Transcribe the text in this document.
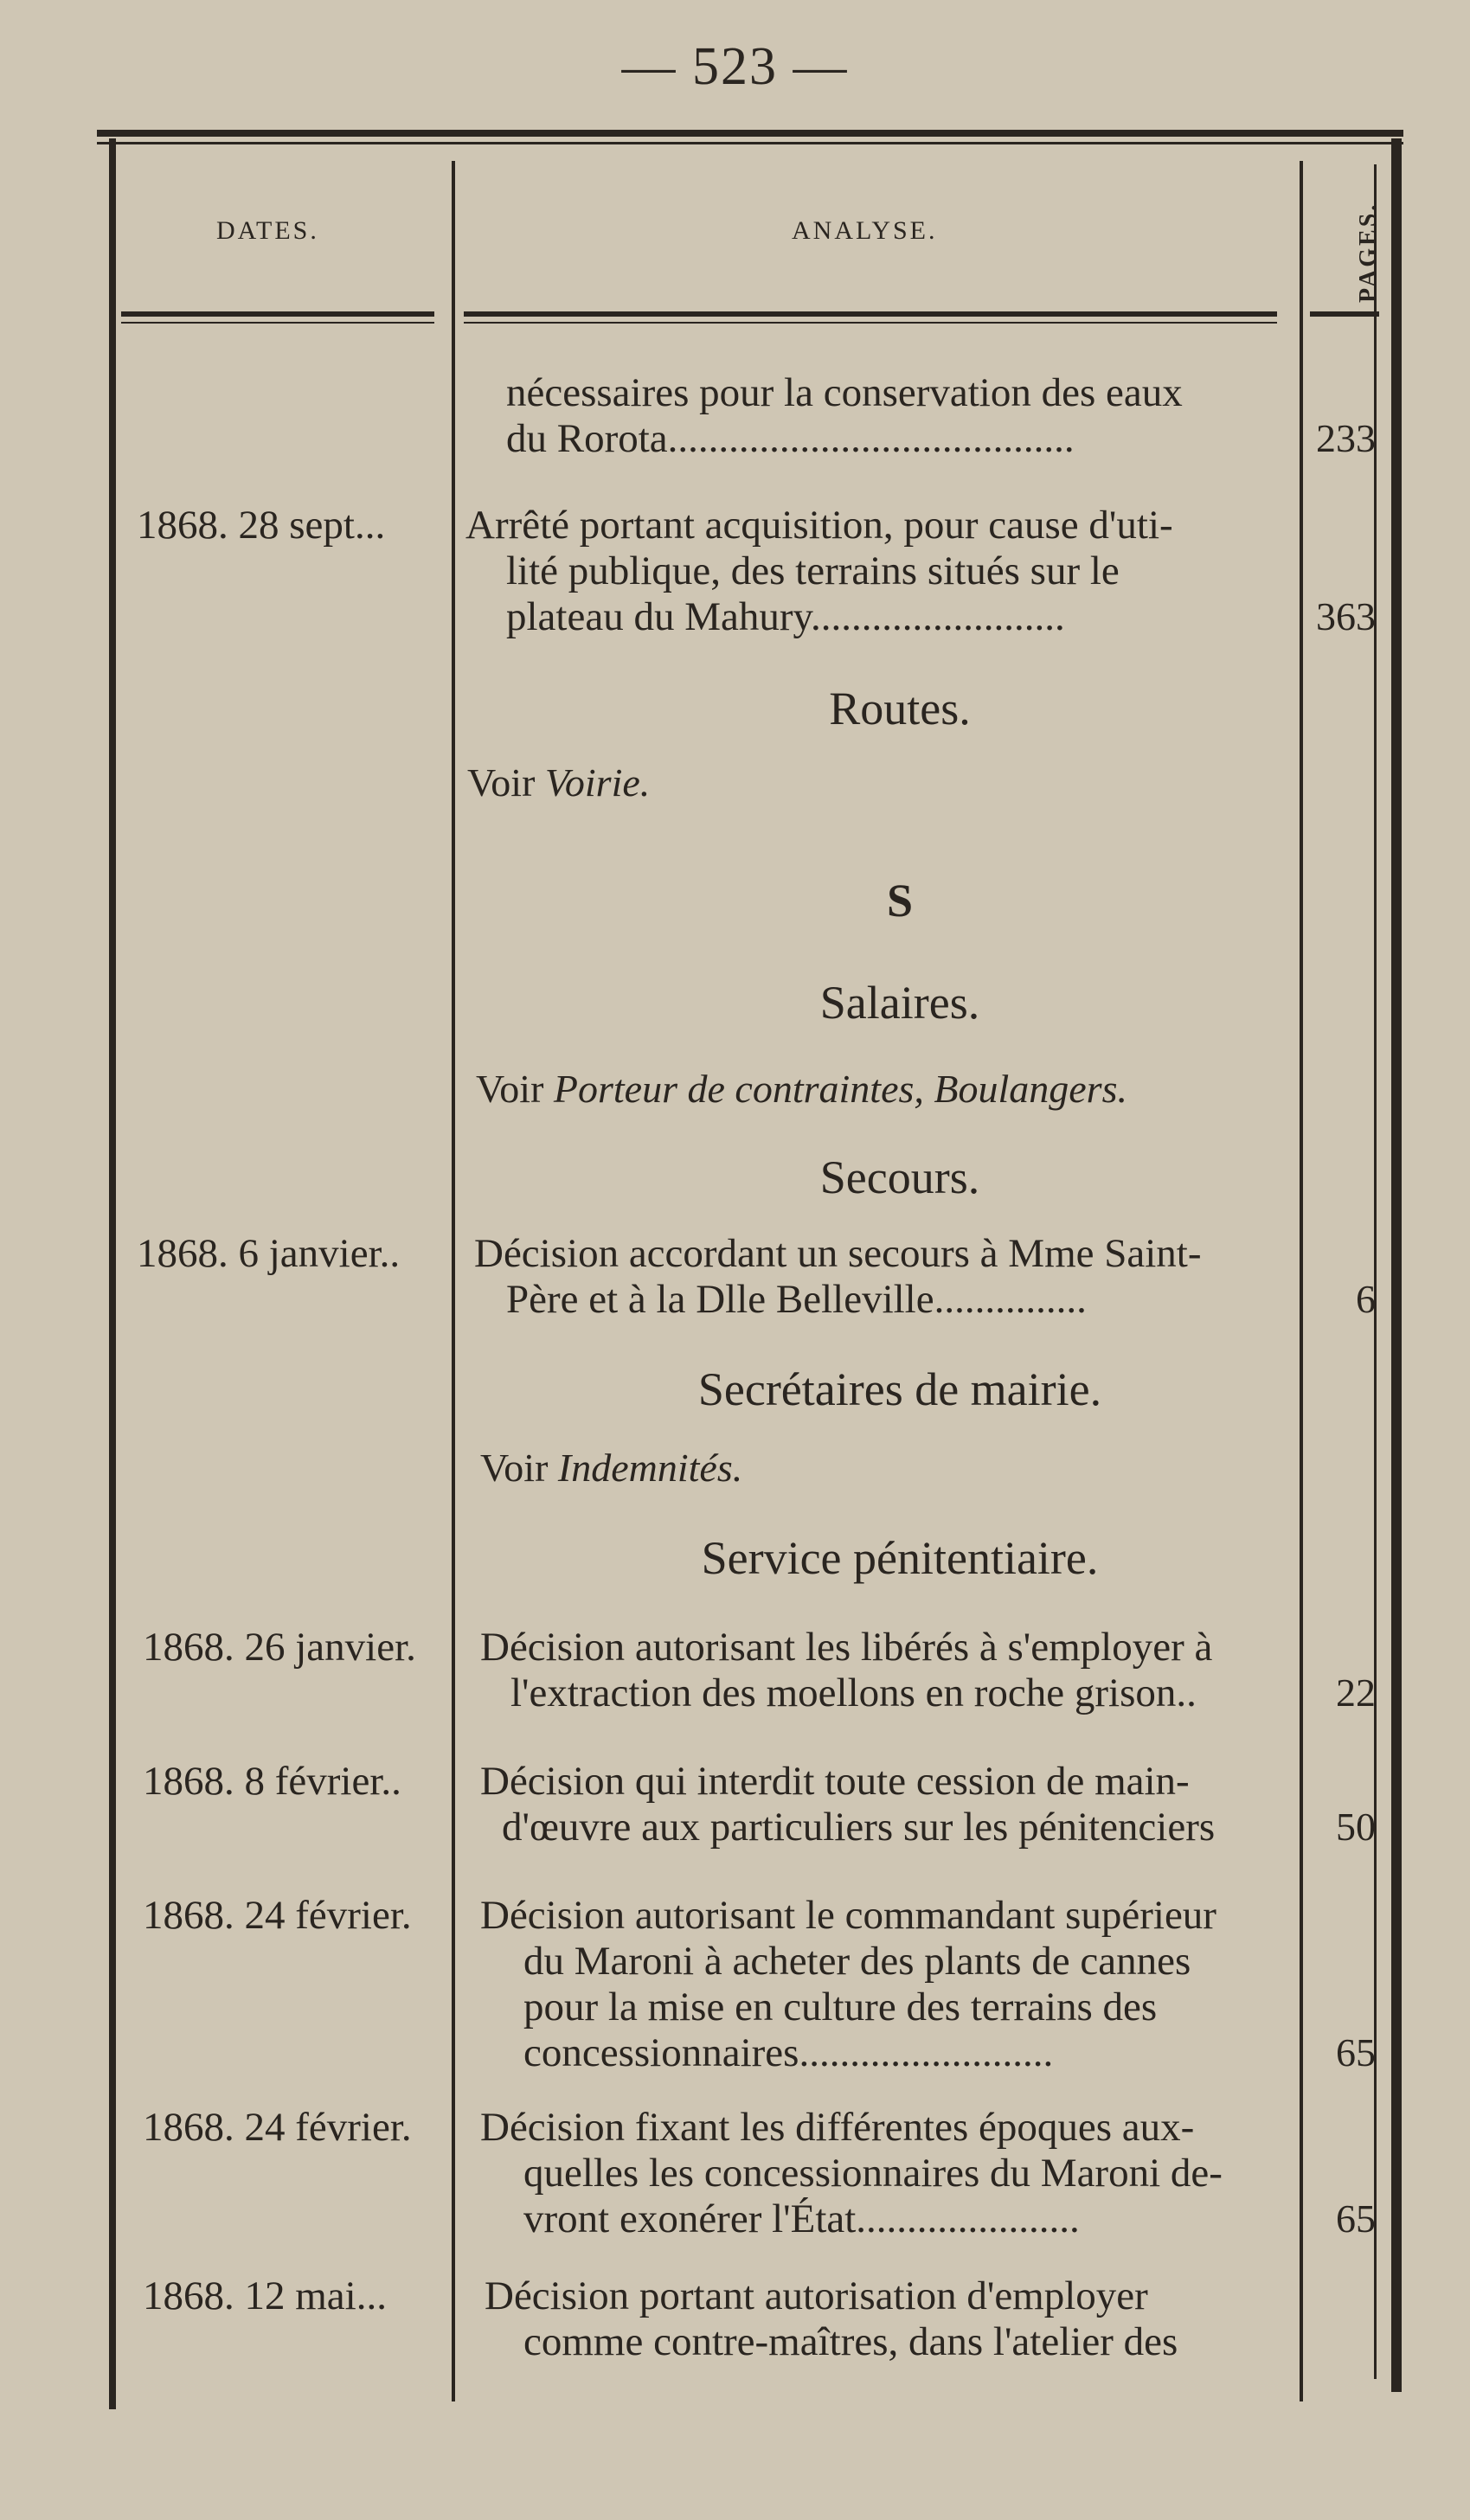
— 523 —
DATES.	ANALYSE.	PAGES.
nécessaires pour la conservation des eaux
du Rorota........................................	233
1868. 28 sept... Arrêté portant acquisition, pour cause d'uti-
lité publique, des terrains situés sur le
plateau du Mahury.........................	363
Routes.
Voir Voirie.
S
Salaires.
Voir Porteur de contraintes, Boulangers.
Secours.
1868. 6 janvier.. Décision accordant un secours à Mme Saint-
Père et à la Dlle Belleville...............	6
Secrétaires de mairie.
Voir Indemnités.
Service pénitentiaire.
1868. 26 janvier. Décision autorisant les libérés à s'employer à
l'extraction des moellons en roche grison..	22
1868. 8 février.. Décision qui interdit toute cession de main-
d'œuvre aux particuliers sur les pénitenciers	50
1868. 24 février. Décision autorisant le commandant supérieur
du Maroni à acheter des plants de cannes
pour la mise en culture des terrains des
concessionnaires.........................	65
1868. 24 février. Décision fixant les différentes époques aux-
quelles les concessionnaires du Maroni de-
vront exonérer l'État......................	65
1868. 12 mai... Décision portant autorisation d'employer
comme contre-maîtres, dans l'atelier des
